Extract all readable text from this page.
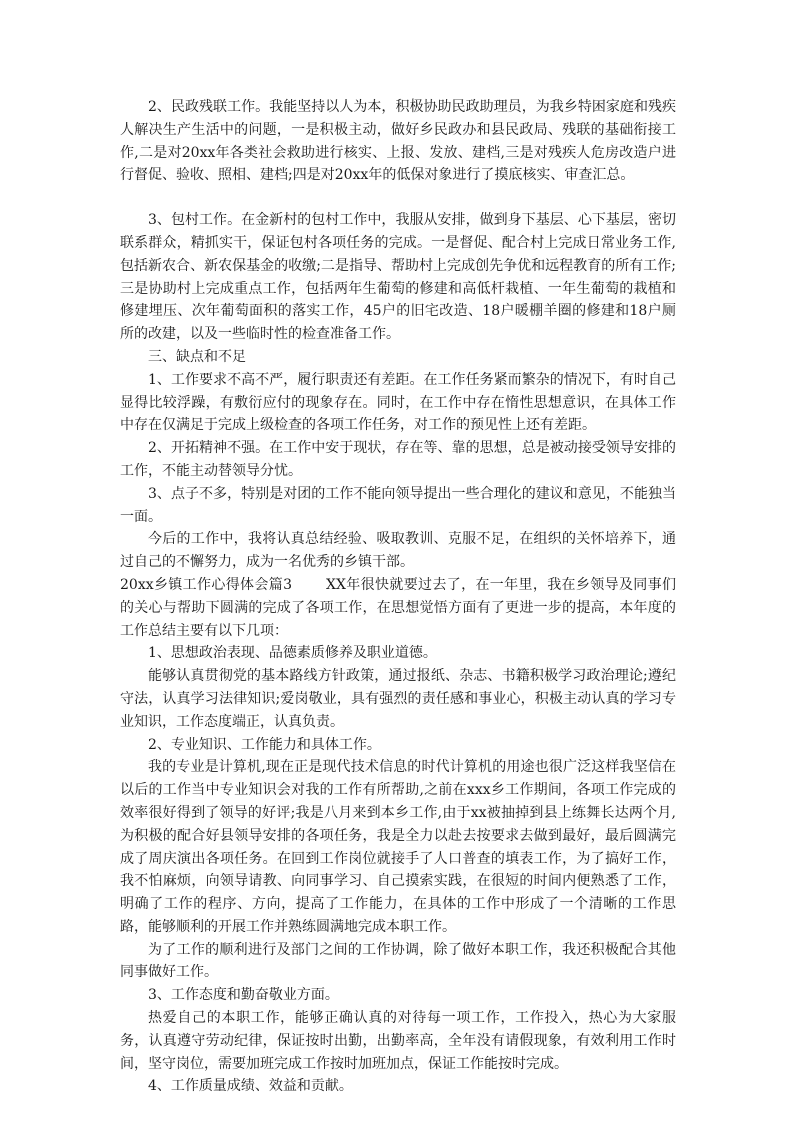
2、民政残联工作。我能坚持以人为本，积极协助民政助理员，为我乡特困家庭和残疾人解决生产生活中的问题，一是积极主动，做好乡民政办和县民政局、残联的基础衔接工作,二是对20xx年各类社会救助进行核实、上报、发放、建档,三是对残疾人危房改造户进行督促、验收、照相、建档;四是对20xx年的低保对象进行了摸底核实、审查汇总。

3、包村工作。在金新村的包村工作中，我服从安排，做到身下基层、心下基层，密切联系群众，精抓实干，保证包村各项任务的完成。一是督促、配合村上完成日常业务工作,包括新农合、新农保基金的收缴;二是指导、帮助村上完成创先争优和远程教育的所有工作;三是协助村上完成重点工作，包括两年生葡萄的修建和高低杆栽植、一年生葡萄的栽植和修建埋压、次年葡萄面积的落实工作，45户的旧宅改造、18户暖棚羊圈的修建和18户厕所的改建，以及一些临时性的检查准备工作。

三、缺点和不足

1、工作要求不高不严，履行职责还有差距。在工作任务紧而繁杂的情况下，有时自己显得比较浮躁，有敷衍应付的现象存在。同时，在工作中存在惰性思想意识，在具体工作中存在仅满足于完成上级检查的各项工作任务，对工作的预见性上还有差距。

2、开拓精神不强。在工作中安于现状，存在等、靠的思想，总是被动接受领导安排的工作，不能主动替领导分忧。

3、点子不多，特别是对团的工作不能向领导提出一些合理化的建议和意见，不能独当一面。

今后的工作中，我将认真总结经验、吸取教训、克服不足，在组织的关怀培养下，通过自己的不懈努力，成为一名优秀的乡镇干部。

20xx乡镇工作心得体会篇3 XX年很快就要过去了，在一年里，我在乡领导及同事们的关心与帮助下圆满的完成了各项工作，在思想觉悟方面有了更进一步的提高，本年度的工作总结主要有以下几项：

1、思想政治表现、品德素质修养及职业道德。

能够认真贯彻党的基本路线方针政策，通过报纸、杂志、书籍积极学习政治理论;遵纪守法，认真学习法律知识;爱岗敬业，具有强烈的责任感和事业心，积极主动认真的学习专业知识，工作态度端正，认真负责。

2、专业知识、工作能力和具体工作。

我的专业是计算机,现在正是现代技术信息的时代计算机的用途也很广泛这样我坚信在以后的工作当中专业知识会对我的工作有所帮助,之前在xxx乡工作期间，各项工作完成的效率很好得到了领导的好评;我是八月来到本乡工作,由于xx被抽掉到县上练舞长达两个月,为积极的配合好县领导安排的各项任务，我是全力以赴去按要求去做到最好，最后圆满完成了周庆演出各项任务。在回到工作岗位就接手了人口普查的填表工作，为了搞好工作，我不怕麻烦，向领导请教、向同事学习、自己摸索实践，在很短的时间内便熟悉了工作，明确了工作的程序、方向，提高了工作能力，在具体的工作中形成了一个清晰的工作思路，能够顺利的开展工作并熟练圆满地完成本职工作。

为了工作的顺利进行及部门之间的工作协调，除了做好本职工作，我还积极配合其他同事做好工作。

3、工作态度和勤奋敬业方面。

热爱自己的本职工作，能够正确认真的对待每一项工作，工作投入，热心为大家服务，认真遵守劳动纪律，保证按时出勤，出勤率高，全年没有请假现象，有效利用工作时间，坚守岗位，需要加班完成工作按时加班加点，保证工作能按时完成。

4、工作质量成绩、效益和贡献。
